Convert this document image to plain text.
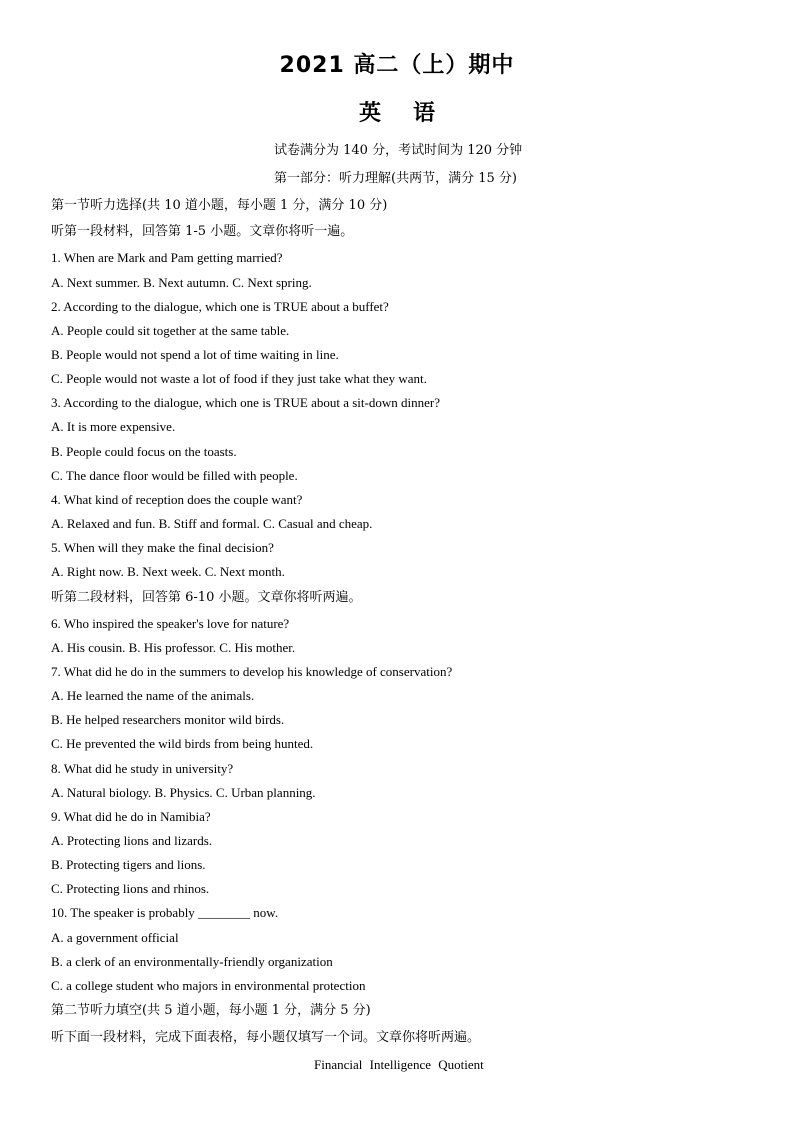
2021 高二（上）期中
英语
试卷满分为 140 分，考试时间为 120 分钟
第一部分：听力理解(共两节，满分 15 分)
第一节听力选择(共 10 道小题，每小题 1 分，满分 10 分)
听第一段材料，回答第 1-5 小题。文章你将听一遍。
1. When are Mark and Pam getting married?
A. Next summer. B. Next autumn. C. Next spring.
2. According to the dialogue, which one is TRUE about a buffet?
A. People could sit together at the same table.
B. People would not spend a lot of time waiting in line.
C. People would not waste a lot of food if they just take what they want.
3. According to the dialogue, which one is TRUE about a sit-down dinner?
A. It is more expensive.
B. People could focus on the toasts.
C. The dance floor would be filled with people.
4. What kind of reception does the couple want?
A. Relaxed and fun. B. Stiff and formal. C. Casual and cheap.
5. When will they make the final decision?
A. Right now. B. Next week. C. Next month.
听第二段材料，回答第 6-10 小题。文章你将听两遍。
6. Who inspired the speaker's love for nature?
A. His cousin. B. His professor. C. His mother.
7. What did he do in the summers to develop his knowledge of conservation?
A. He learned the name of the animals.
B. He helped researchers monitor wild birds.
C. He prevented the wild birds from being hunted.
8. What did he study in university?
A. Natural biology. B. Physics. C. Urban planning.
9. What did he do in Namibia?
A. Protecting lions and lizards.
B. Protecting tigers and lions.
C. Protecting lions and rhinos.
10. The speaker is probably ________ now.
A. a government official
B. a clerk of an environmentally-friendly organization
C. a college student who majors in environmental protection
第二节听力填空(共 5 道小题，每小题 1 分，满分 5 分)
听下面一段材料，完成下面表格，每小题仅填写一个词。文章你将听两遍。
Financial Intelligence Quotient
